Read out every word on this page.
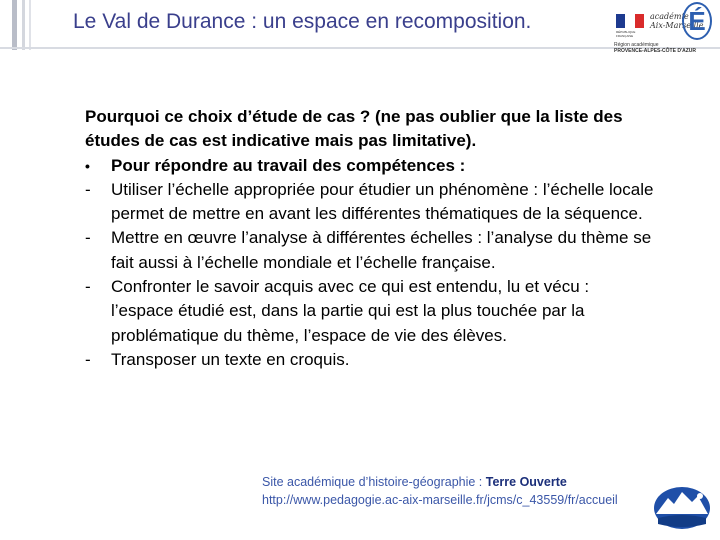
Le Val de Durance : un espace en recomposition.	RÉPUBLIQUE FRANÇAISE
académie
Aix-Marseille
É
Région académique
PROVENCE-ALPES-CÔTE D'AZUR
Pourquoi ce choix d’étude de cas ? (ne pas oublier que la liste des études de cas est indicative mais pas limitative).
•	Pour répondre au travail des compétences :
-	Utiliser l’échelle appropriée pour étudier un phénomène : l’échelle locale permet de mettre en avant les différentes thématiques de la séquence.
-	Mettre en œuvre l’analyse à différentes échelles : l’analyse du thème se fait aussi à l’échelle mondiale et l’échelle française.
-	Confronter le savoir acquis avec ce qui est entendu, lu et vécu : l’espace étudié est, dans la partie qui est la plus touchée par la problématique du thème, l’espace de vie des élèves.
-	Transposer un texte en croquis.
Site académique d’histoire-géographie : Terre Ouverte
http://www.pedagogie.ac-aix-marseille.fr/jcms/c_43559/fr/accueil
